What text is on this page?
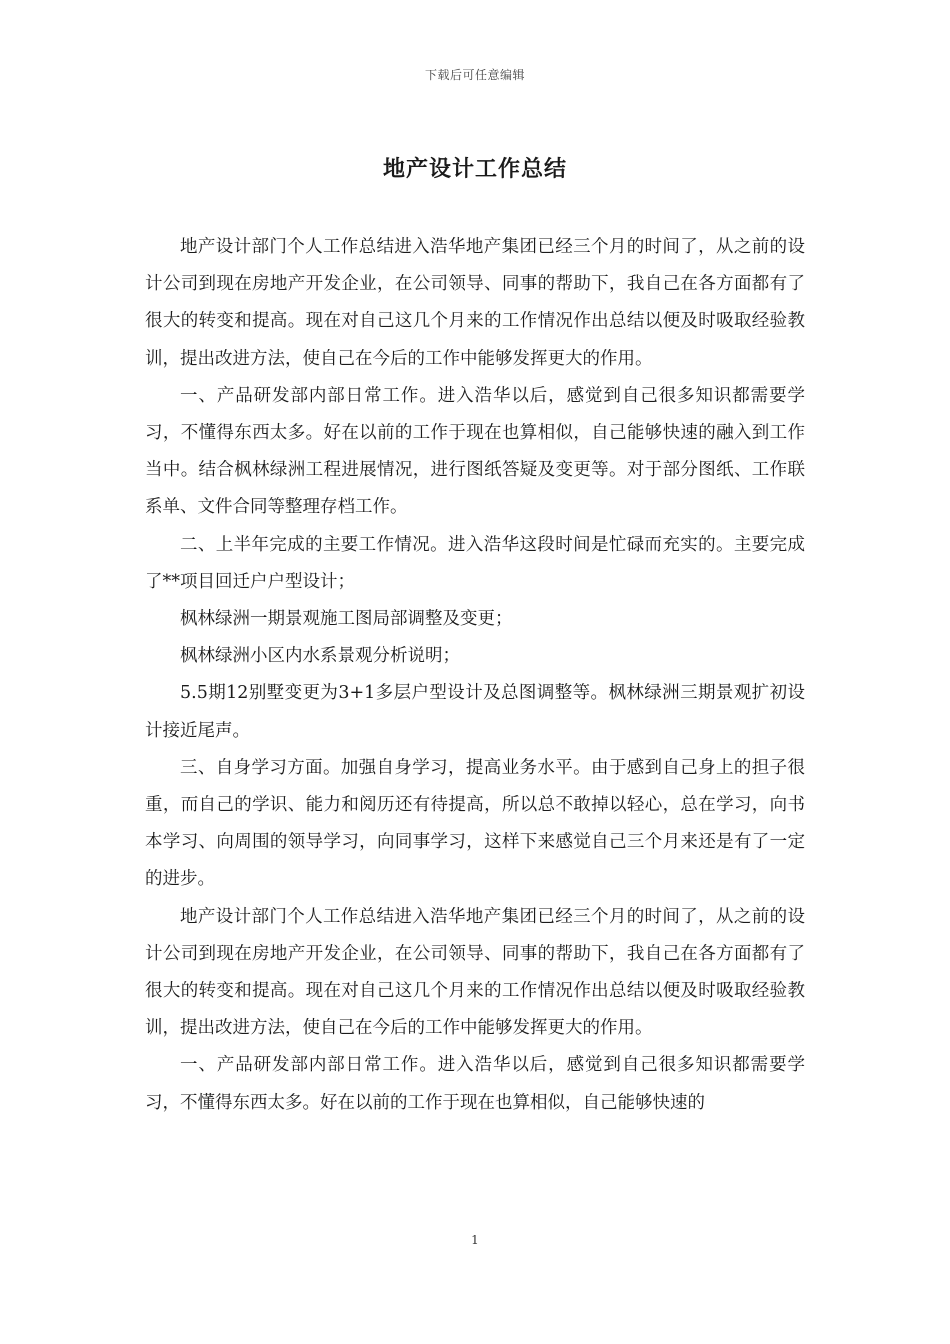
下载后可任意编辑
地产设计工作总结

地产设计部门个人工作总结进入浩华地产集团已经三个月的时间了，从之前的设计公司到现在房地产开发企业，在公司领导、同事的帮助下，我自己在各方面都有了很大的转变和提高。现在对自己这几个月来的工作情况作出总结以便及时吸取经验教训，提出改进方法，使自己在今后的工作中能够发挥更大的作用。

一、产品研发部内部日常工作。进入浩华以后，感觉到自己很多知识都需要学习，不懂得东西太多。好在以前的工作于现在也算相似，自己能够快速的融入到工作当中。结合枫林绿洲工程进展情况，进行图纸答疑及变更等。对于部分图纸、工作联系单、文件合同等整理存档工作。

二、上半年完成的主要工作情况。进入浩华这段时间是忙碌而充实的。主要完成了**项目回迁户户型设计；

枫林绿洲一期景观施工图局部调整及变更；

枫林绿洲小区内水系景观分析说明；

5.5期12别墅变更为3+1多层户型设计及总图调整等。枫林绿洲三期景观扩初设计接近尾声。

三、自身学习方面。加强自身学习，提高业务水平。由于感到自己身上的担子很重，而自己的学识、能力和阅历还有待提高，所以总不敢掉以轻心，总在学习，向书本学习、向周围的领导学习，向同事学习，这样下来感觉自己三个月来还是有了一定的进步。

地产设计部门个人工作总结进入浩华地产集团已经三个月的时间了，从之前的设计公司到现在房地产开发企业，在公司领导、同事的帮助下，我自己在各方面都有了很大的转变和提高。现在对自己这几个月来的工作情况作出总结以便及时吸取经验教训，提出改进方法，使自己在今后的工作中能够发挥更大的作用。

一、产品研发部内部日常工作。进入浩华以后，感觉到自己很多知识都需要学习，不懂得东西太多。好在以前的工作于现在也算相似，自己能够快速的

1
